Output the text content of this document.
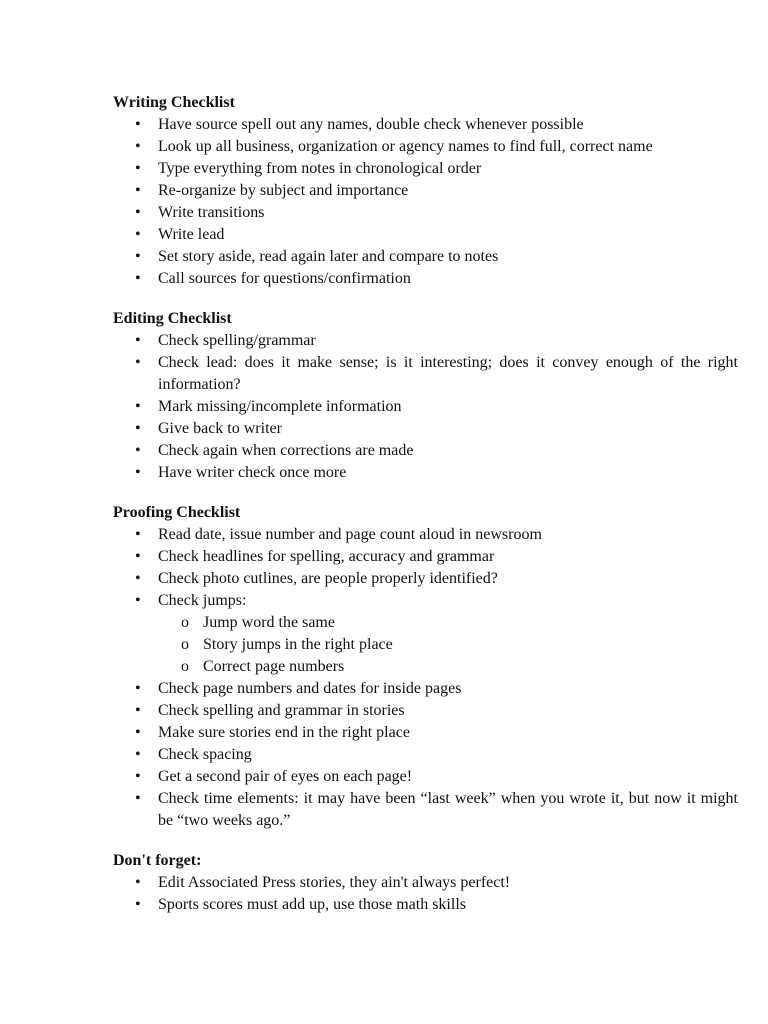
Writing Checklist
• Have source spell out any names, double check whenever possible
• Look up all business, organization or agency names to find full, correct name
• Type everything from notes in chronological order
• Re-organize by subject and importance
• Write transitions
• Write lead
• Set story aside, read again later and compare to notes
• Call sources for questions/confirmation
Editing Checklist
• Check spelling/grammar
• Check lead: does it make sense; is it interesting; does it convey enough of the right information?
• Mark missing/incomplete information
• Give back to writer
• Check again when corrections are made
• Have writer check once more
Proofing Checklist
• Read date, issue number and page count aloud in newsroom
• Check headlines for spelling, accuracy and grammar
• Check photo cutlines, are people properly identified?
• Check jumps:
o Jump word the same
o Story jumps in the right place
o Correct page numbers
• Check page numbers and dates for inside pages
• Check spelling and grammar in stories
• Make sure stories end in the right place
• Check spacing
• Get a second pair of eyes on each page!
• Check time elements: it may have been “last week” when you wrote it, but now it might be “two weeks ago.”
Don't forget:
• Edit Associated Press stories, they ain't always perfect!
• Sports scores must add up, use those math skills
